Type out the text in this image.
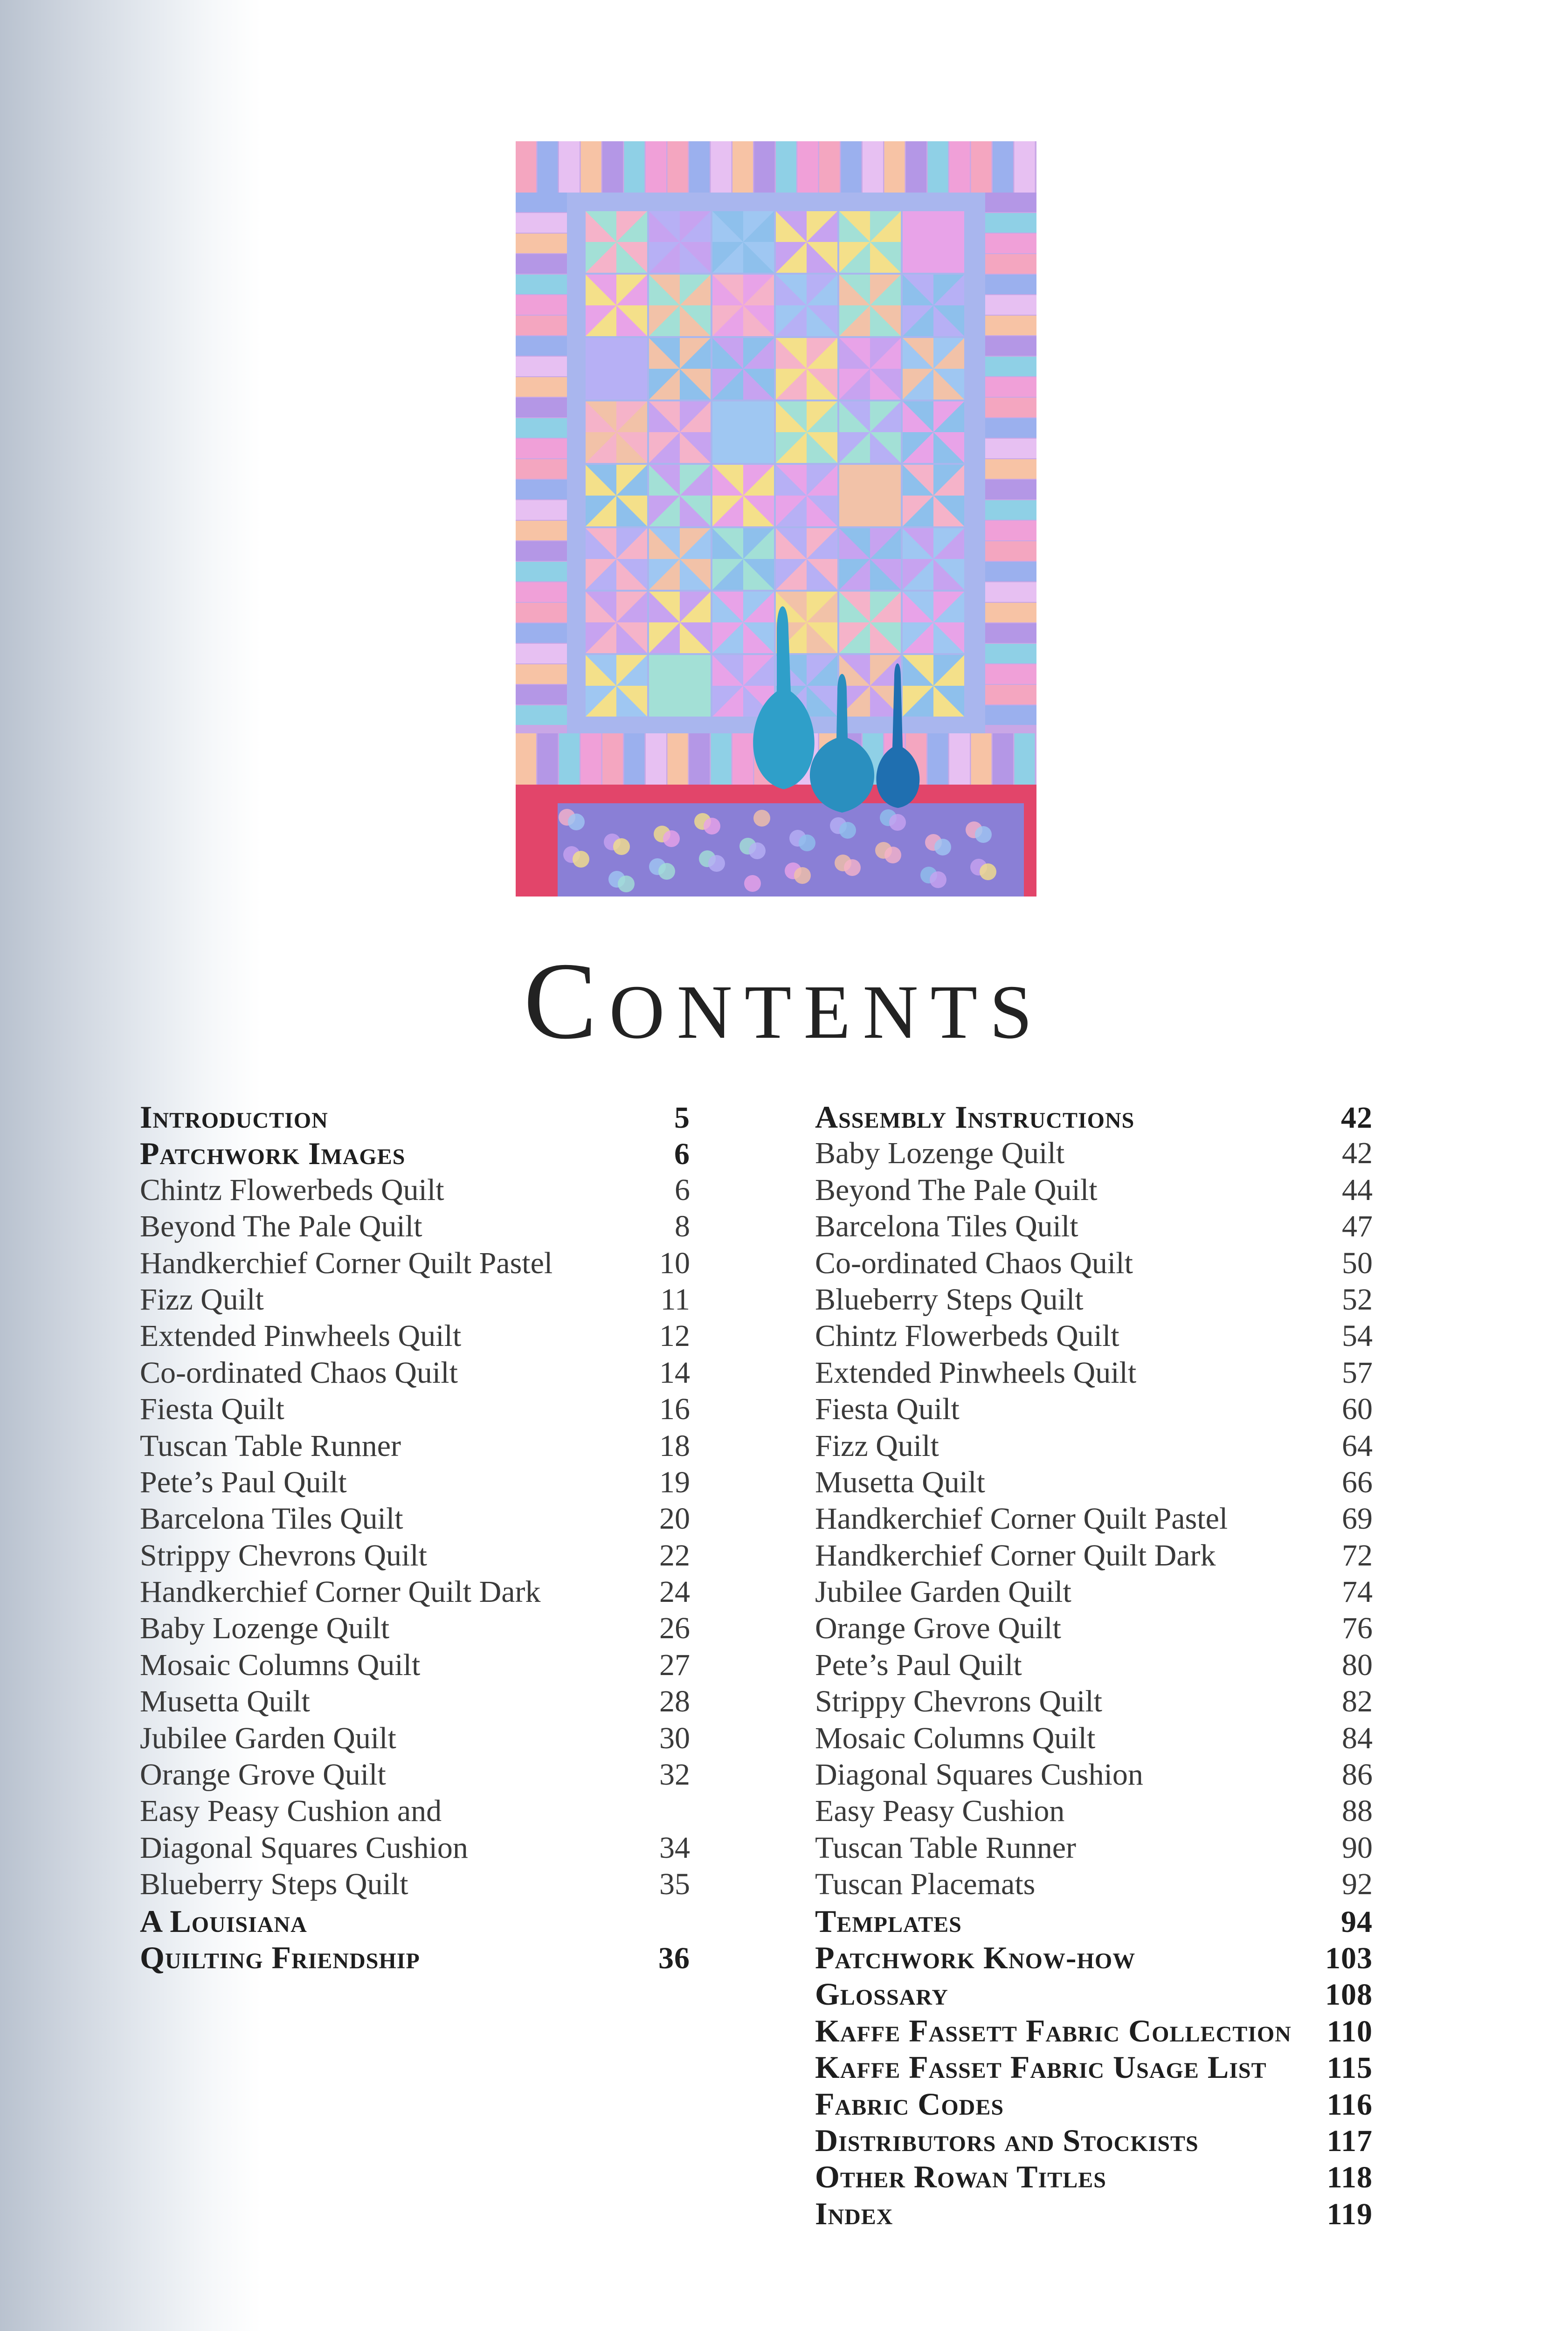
Contents
Introduction	5
Patchwork Images	6
Chintz Flowerbeds Quilt	6
Beyond The Pale Quilt	8
Handkerchief Corner Quilt Pastel	10
Fizz Quilt	11
Extended Pinwheels Quilt	12
Co-ordinated Chaos Quilt	14
Fiesta Quilt	16
Tuscan Table Runner	18
Pete’s Paul Quilt	19
Barcelona Tiles Quilt	20
Strippy Chevrons Quilt	22
Handkerchief Corner Quilt Dark	24
Baby Lozenge Quilt	26
Mosaic Columns Quilt	27
Musetta Quilt	28
Jubilee Garden Quilt	30
Orange Grove Quilt	32
Easy Peasy Cushion and
Diagonal Squares Cushion	34
Blueberry Steps Quilt	35
A Louisiana
Quilting Friendship	36
Assembly Instructions	42
Baby Lozenge Quilt	42
Beyond The Pale Quilt	44
Barcelona Tiles Quilt	47
Co-ordinated Chaos Quilt	50
Blueberry Steps Quilt	52
Chintz Flowerbeds Quilt	54
Extended Pinwheels Quilt	57
Fiesta Quilt	60
Fizz Quilt	64
Musetta Quilt	66
Handkerchief Corner Quilt Pastel	69
Handkerchief Corner Quilt Dark	72
Jubilee Garden Quilt	74
Orange Grove Quilt	76
Pete’s Paul Quilt	80
Strippy Chevrons Quilt	82
Mosaic Columns Quilt	84
Diagonal Squares Cushion	86
Easy Peasy Cushion	88
Tuscan Table Runner	90
Tuscan Placemats	92
Templates	94
Patchwork Know-how	103
Glossary	108
Kaffe Fassett Fabric Collection 110
Kaffe Fasset Fabric Usage List 115
Fabric Codes	116
Distributors and Stockists	117
Other Rowan Titles	118
Index	119
